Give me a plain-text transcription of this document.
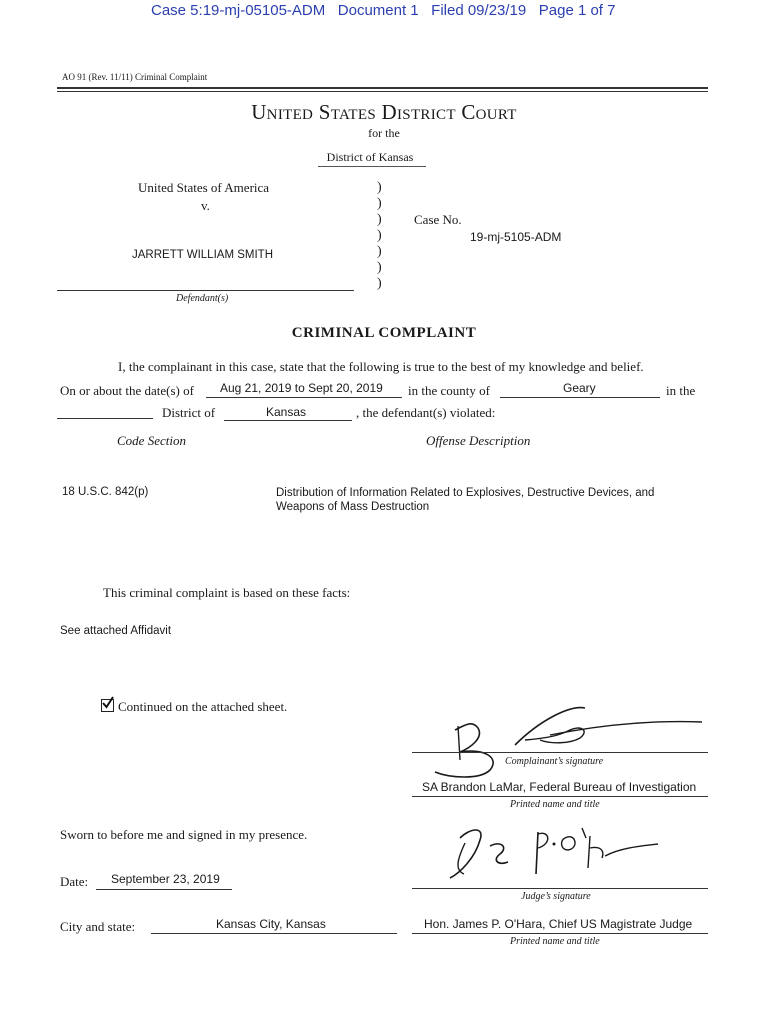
Case 5:19-mj-05105-ADM Document 1 Filed 09/23/19 Page 1 of 7
AO 91 (Rev. 11/11) Criminal Complaint
United States District Court
for the
District of Kansas
United States of America
v.
JARRETT WILLIAM SMITH
Defendant(s)
)
)
)
)
)
)
)
Case No.
19-mj-5105-ADM
CRIMINAL COMPLAINT
I, the complainant in this case, state that the following is true to the best of my knowledge and belief.
On or about the date(s) of Aug 21, 2019 to Sept 20, 2019 in the county of	Geary	in the
District of	Kansas	, the defendant(s) violated:
Code Section	Offense Description
18 U.S.C. 842(p)	Distribution of Information Related to Explosives, Destructive Devices, and
Weapons of Mass Destruction
This criminal complaint is based on these facts:
See attached Affidavit
Continued on the attached sheet.
Complainant’s signature
SA Brandon LaMar, Federal Bureau of Investigation
Printed name and title
Sworn to before me and signed in my presence.
Date: September 23, 2019
Judge’s signature
City and state:	Kansas City, Kansas	Hon. James P. O'Hara, Chief US Magistrate Judge
Printed name and title
